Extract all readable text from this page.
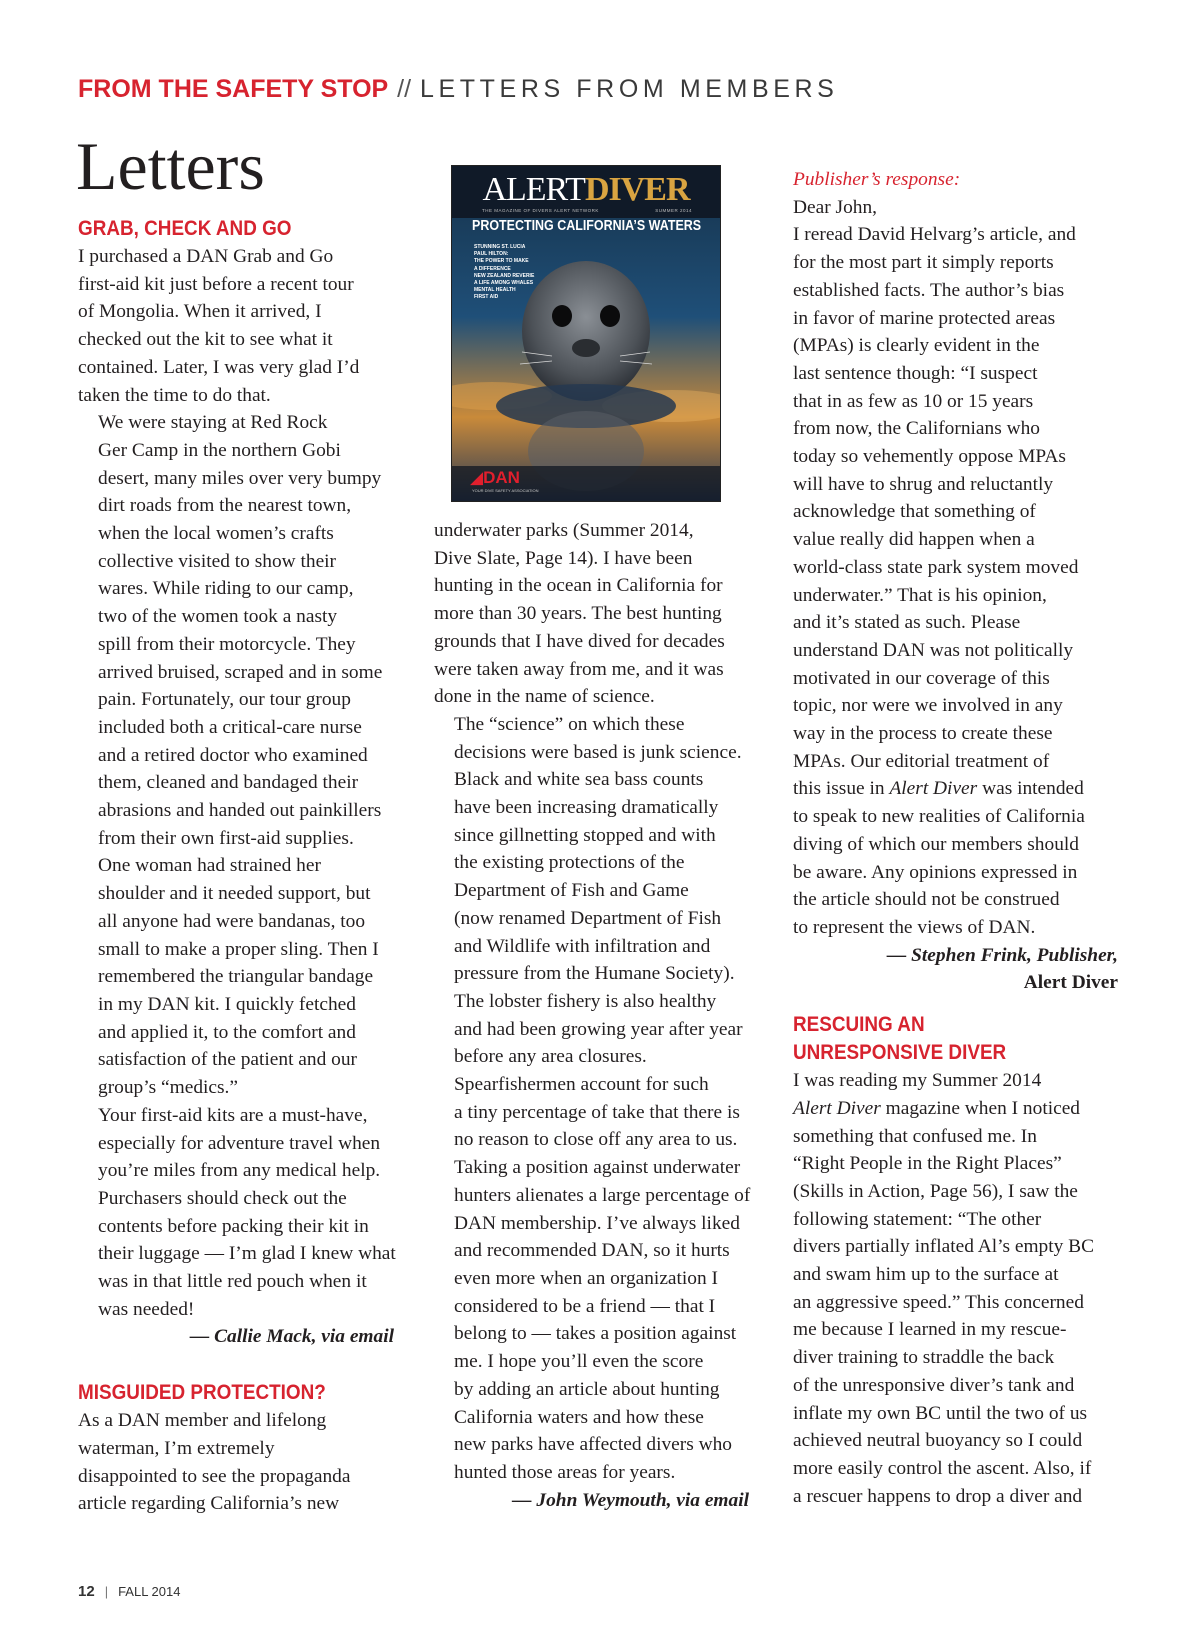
FROM THE SAFETY STOP // LETTERS FROM MEMBERS
Letters
GRAB, CHECK AND GO

I purchased a DAN Grab and Go
first-aid kit just before a recent tour
of Mongolia. When it arrived, I
checked out the kit to see what it
contained. Later, I was very glad I’d
taken the time to do that.

We were staying at Red Rock
Ger Camp in the northern Gobi
desert, many miles over very bumpy
dirt roads from the nearest town,
when the local women’s crafts
collective visited to show their
wares. While riding to our camp,
two of the women took a nasty
spill from their motorcycle. They
arrived bruised, scraped and in some
pain. Fortunately, our tour group
included both a critical-care nurse
and a retired doctor who examined
them, cleaned and bandaged their
abrasions and handed out painkillers
from their own first-aid supplies.
One woman had strained her
shoulder and it needed support, but
all anyone had were bandanas, too
small to make a proper sling. Then I
remembered the triangular bandage
in my DAN kit. I quickly fetched
and applied it, to the comfort and
satisfaction of the patient and our
group’s “medics.”

Your first-aid kits are a must-have,
especially for adventure travel when
you’re miles from any medical help.
Purchasers should check out the
contents before packing their kit in
their luggage — I’m glad I knew what
was in that little red pouch when it
was needed!

— Callie Mack, via email

MISGUIDED PROTECTION?

As a DAN member and lifelong
waterman, I’m extremely
disappointed to see the propaganda
article regarding California’s new

ALERTDIVER
THE MAGAZINE OF DIVERS ALERT NETWORK	SUMMER 2014
PROTECTING CALIFORNIA’S WATERS
STUNNING ST. LUCIA
PAUL HILTON:
THE POWER TO MAKE
A DIFFERENCE
NEW ZEALAND REVERIE
A LIFE AMONG WHALES
MENTAL HEALTH
FIRST AID
◢DAN
YOUR DIVE SAFETY ASSOCIATION

underwater parks (Summer 2014,
Dive Slate, Page 14). I have been
hunting in the ocean in California for
more than 30 years. The best hunting
grounds that I have dived for decades
were taken away from me, and it was
done in the name of science.

The “science” on which these
decisions were based is junk science.
Black and white sea bass counts
have been increasing dramatically
since gillnetting stopped and with
the existing protections of the
Department of Fish and Game
(now renamed Department of Fish
and Wildlife with infiltration and
pressure from the Humane Society).
The lobster fishery is also healthy
and had been growing year after year
before any area closures.

Spearfishermen account for such
a tiny percentage of take that there is
no reason to close off any area to us.
Taking a position against underwater
hunters alienates a large percentage of
DAN membership. I’ve always liked
and recommended DAN, so it hurts
even more when an organization I
considered to be a friend — that I
belong to — takes a position against
me. I hope you’ll even the score
by adding an article about hunting
California waters and how these
new parks have affected divers who
hunted those areas for years.

— John Weymouth, via email

Publisher’s response:

Dear John,

I reread David Helvarg’s article, and
for the most part it simply reports
established facts. The author’s bias
in favor of marine protected areas
(MPAs) is clearly evident in the
last sentence though: “I suspect
that in as few as 10 or 15 years
from now, the Californians who
today so vehemently oppose MPAs
will have to shrug and reluctantly
acknowledge that something of
value really did happen when a
world-class state park system moved
underwater.” That is his opinion,
and it’s stated as such. Please
understand DAN was not politically
motivated in our coverage of this
topic, nor were we involved in any
way in the process to create these
MPAs. Our editorial treatment of
this issue in Alert Diver was intended
to speak to new realities of California
diving of which our members should
be aware. Any opinions expressed in
the article should not be construed
to represent the views of DAN.

— Stephen Frink, Publisher,

Alert Diver

RESCUING AN
UNRESPONSIVE DIVER

I was reading my Summer 2014
Alert Diver magazine when I noticed
something that confused me. In
“Right People in the Right Places”
(Skills in Action, Page 56), I saw the
following statement: “The other
divers partially inflated Al’s empty BC
and swam him up to the surface at
an aggressive speed.” This concerned
me because I learned in my rescue-
diver training to straddle the back
of the unresponsive diver’s tank and
inflate my own BC until the two of us
achieved neutral buoyancy so I could
more easily control the ascent. Also, if
a rescuer happens to drop a diver and

12 | FALL 2014
